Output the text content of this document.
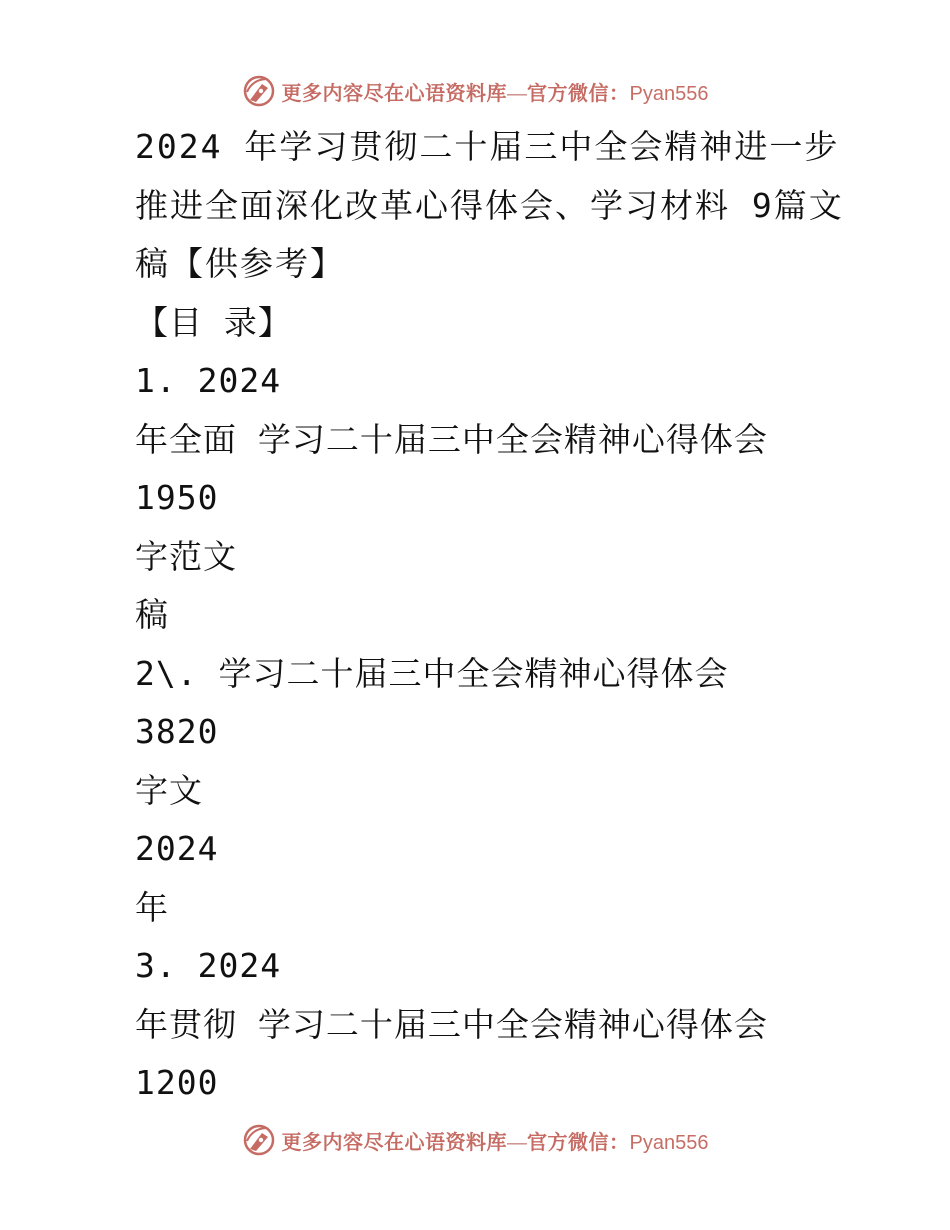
更多内容尽在心语资料库—官方微信：Pyan556
2024 年学习贯彻二十届三中全会精神进一步
推进全面深化改革心得体会、学习材料 9篇文
稿【供参考】
【目 录】
1. 2024
年全面 学习二十届三中全会精神心得体会
1950
字范文
稿
2\. 学习二十届三中全会精神心得体会
3820
字文
2024
年
3. 2024
年贯彻 学习二十届三中全会精神心得体会
1200
更多内容尽在心语资料库—官方微信：Pyan556
